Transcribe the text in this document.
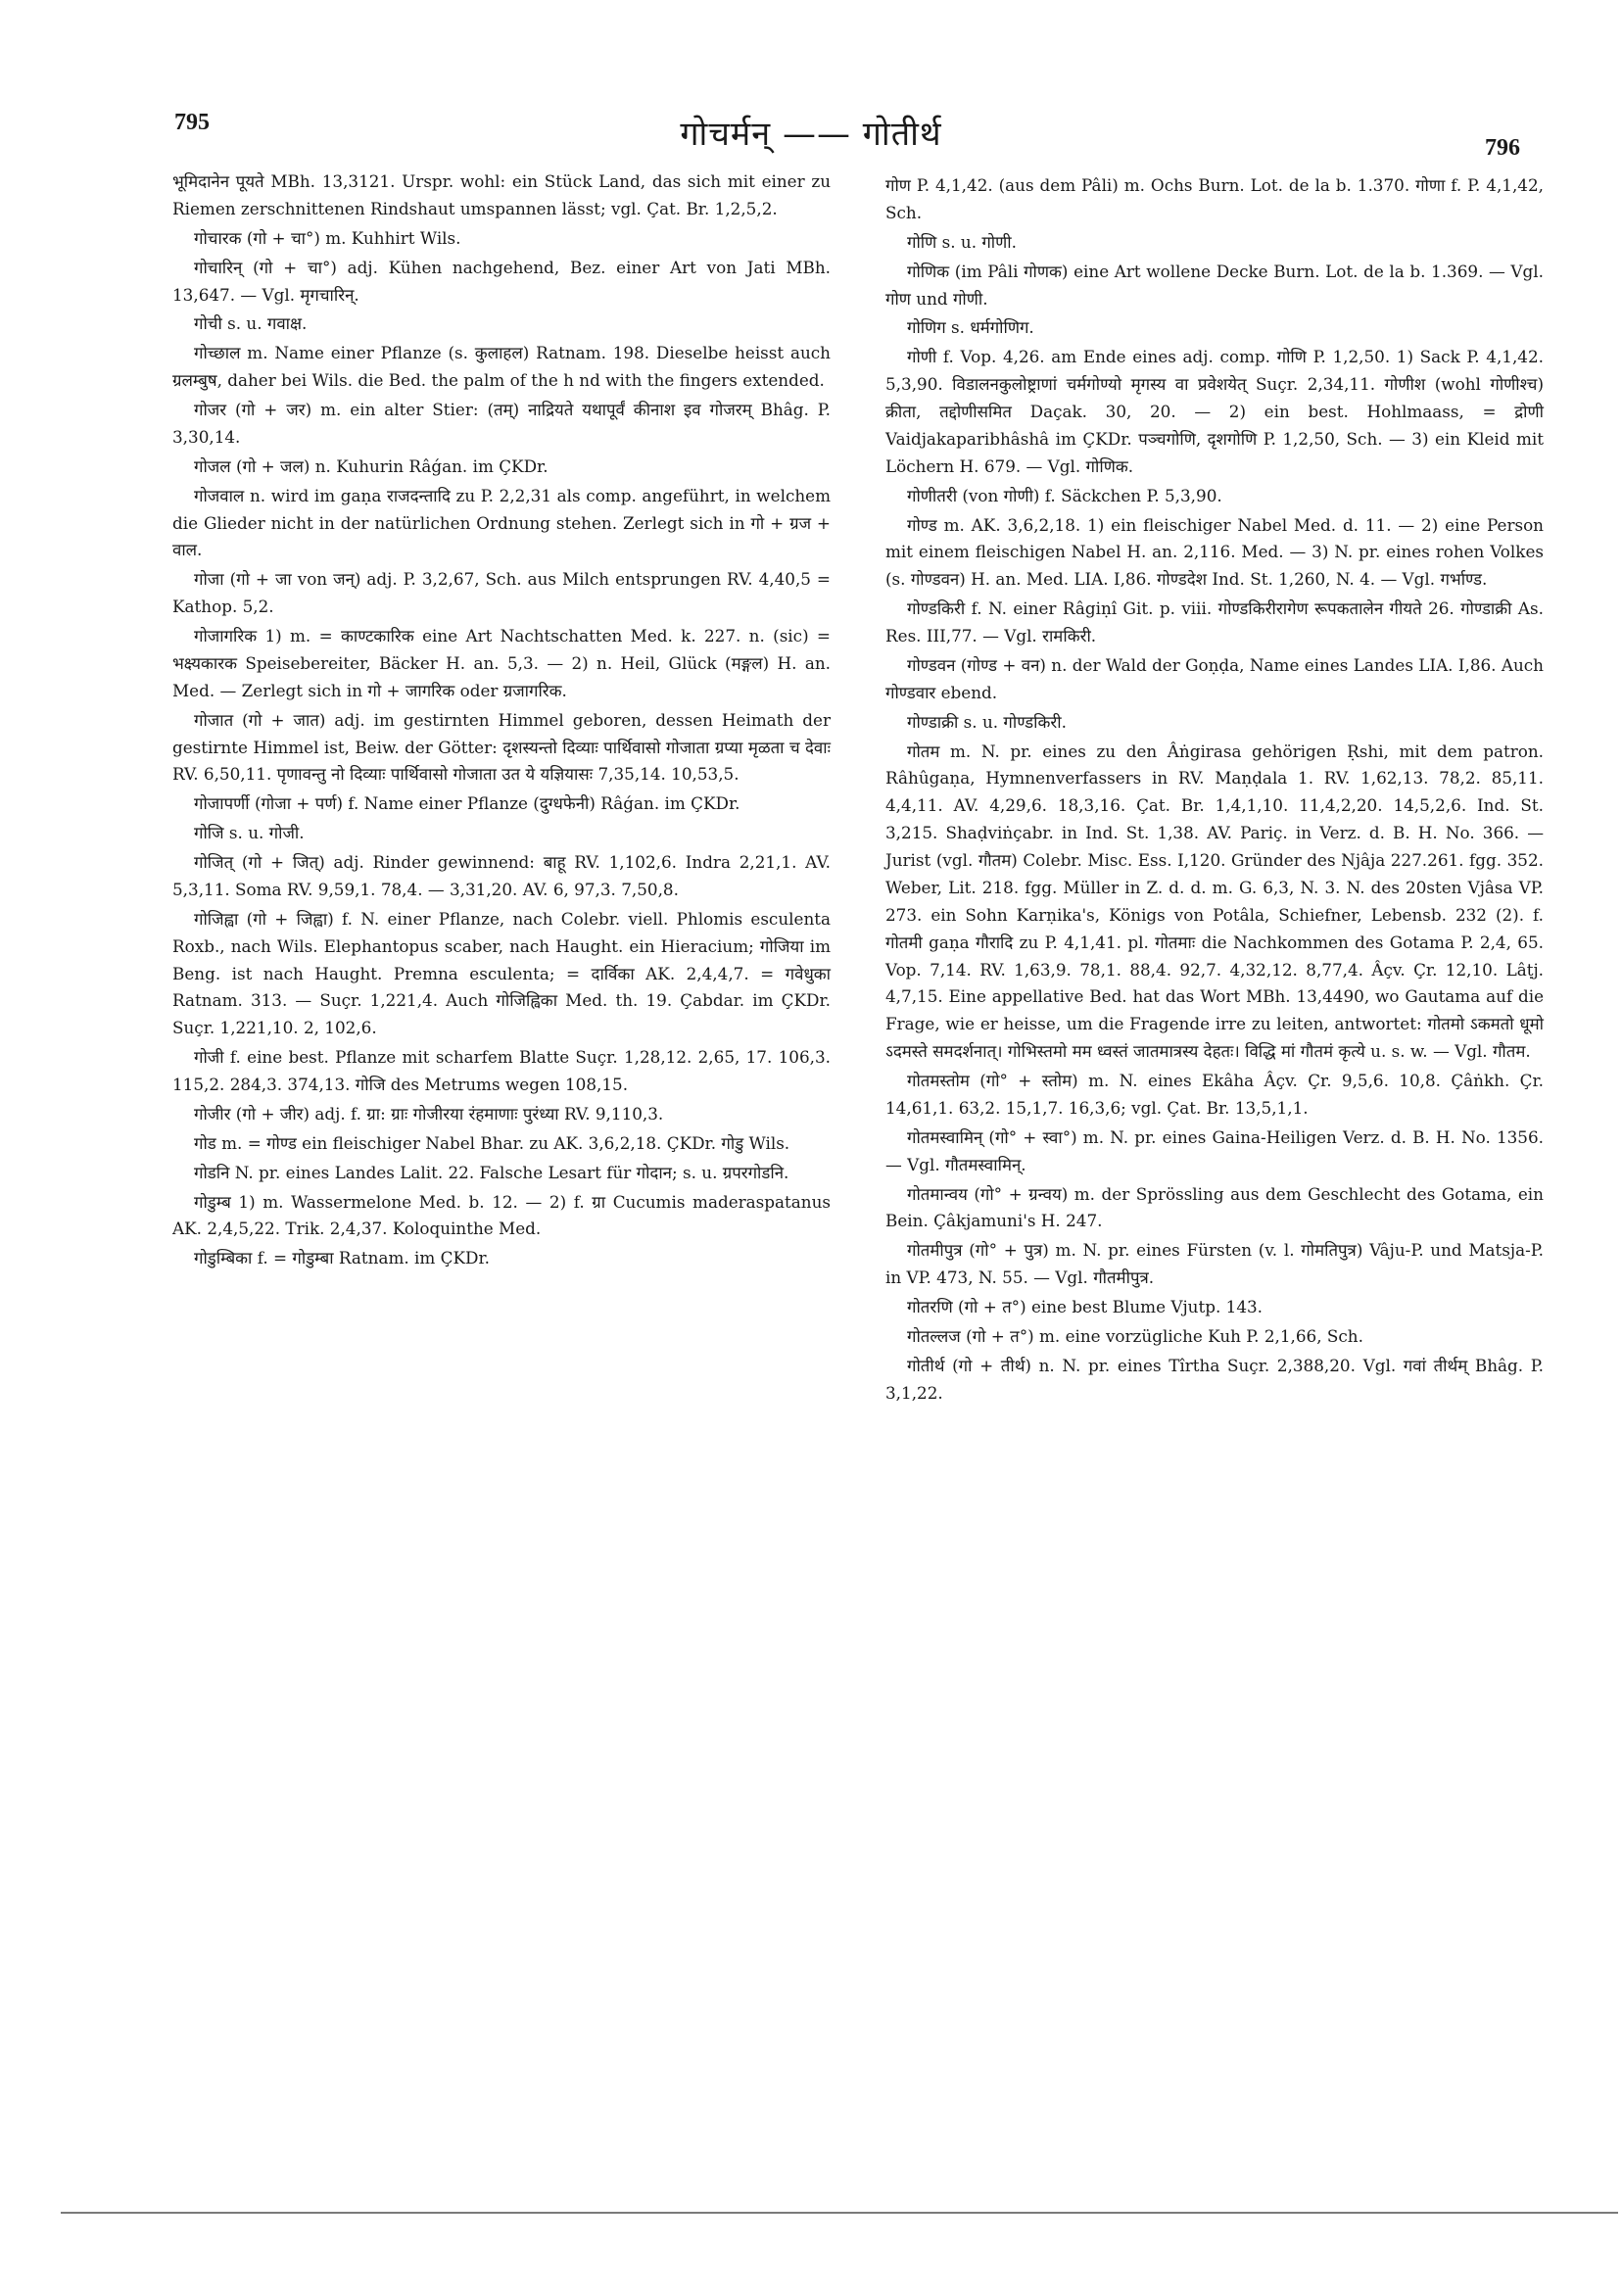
795	गोचर्मन् —— गोतीर्थ	796

भूमिदानेन पूयते MBh. 13,3121. Urspr. wohl: ein Stück Land, das sich mit einer zu Riemen zerschnittenen Rindshaut umspannen lässt; vgl. Çat. Br. 1,2,5,2.

गोचारक (गो + चा°) m. Kuhhirt Wils.

गोचारिन् (गो + चा°) adj. Kühen nachgehend, Bez. einer Art von Jati MBh. 13,647. — Vgl. मृगचारिन्.

गोची s. u. गवाक्ष.

गोच्छाल m. Name einer Pflanze (s. कुलाहल) Ratnam. 198. Dieselbe heisst auch ग्रलम्बुष, daher bei Wils. die Bed. the palm of the h nd with the fingers extended.

गोजर (गो + जर) m. ein alter Stier: (तम्) नाद्रियते यथापूर्वं कीनाश इव गोजरम् Bhâg. P. 3,30,14.

गोजल (गो + जल) n. Kuhurin Râǵan. im ÇKDr.

गोजवाल n. wird im gaṇa राजदन्तादि zu P. 2,2,31 als comp. angeführt, in welchem die Glieder nicht in der natürlichen Ordnung stehen. Zerlegt sich in गो + ग्रज + वाल.

गोजा (गो + जा von जन्) adj. P. 3,2,67, Sch. aus Milch entsprungen RV. 4,40,5 = Kathop. 5,2.

गोजागरिक 1) m. = काण्टकारिक eine Art Nachtschatten Med. k. 227. n. (sic) = भक्ष्यकारक Speisebereiter, Bäcker H. an. 5,3. — 2) n. Heil, Glück (मङ्गल) H. an. Med. — Zerlegt sich in गो + जागरिक oder ग्रजागरिक.

गोजात (गो + जात) adj. im gestirnten Himmel geboren, dessen Heimath der gestirnte Himmel ist, Beiw. der Götter: दृशस्यन्तो दिव्याः पार्थिवासो गोजाता ग्रप्या मृळता च देवाः RV. 6,50,11. पृणावन्तु नो दिव्याः पार्थिवासो गोजाता उत ये यज्ञियासः 7,35,14. 10,53,5.

गोजापर्णी (गोजा + पर्ण) f. Name einer Pflanze (दुग्धफेनी) Râǵan. im ÇKDr.

गोजि s. u. गोजी.

गोजित् (गो + जित्) adj. Rinder gewinnend: बाहू RV. 1,102,6. Indra 2,21,1. AV. 5,3,11. Soma RV. 9,59,1. 78,4. — 3,31,20. AV. 6, 97,3. 7,50,8.

गोजिह्वा (गो + जिह्वा) f. N. einer Pflanze, nach Colebr. viell. Phlomis esculenta Roxb., nach Wils. Elephantopus scaber, nach Haught. ein Hieracium; गोजिया im Beng. ist nach Haught. Premna esculenta; = दार्विका AK. 2,4,4,7. = गवेधुका Ratnam. 313. — Suçr. 1,221,4. Auch गोजिह्विका Med. th. 19. Çabdar. im ÇKDr. Suçr. 1,221,10. 2, 102,6.

गोजी f. eine best. Pflanze mit scharfem Blatte Suçr. 1,28,12. 2,65, 17. 106,3. 115,2. 284,3. 374,13. गोजि des Metrums wegen 108,15.

गोजीर (गो + जीर) adj. f. ग्रा: ग्राः गोजीरया रंहमाणाः पुरंध्या RV. 9,110,3.

गोड m. = गोण्ड ein fleischiger Nabel Bhar. zu AK. 3,6,2,18. ÇKDr. गोडु Wils.

गोडनि N. pr. eines Landes Lalit. 22. Falsche Lesart für गोदान; s. u. ग्रपरगोडनि.

गोडुम्ब 1) m. Wassermelone Med. b. 12. — 2) f. ग्रा Cucumis maderaspatanus AK. 2,4,5,22. Trik. 2,4,37. Koloquinthe Med.

गोडुम्बिका f. = गोडुम्बा Ratnam. im ÇKDr.

गोण P. 4,1,42. (aus dem Pâli) m. Ochs Burn. Lot. de la b. 1.370. गोणा f. P. 4,1,42, Sch.

गोणि s. u. गोणी.

गोणिक (im Pâli गोणक) eine Art wollene Decke Burn. Lot. de la b. 1.369. — Vgl. गोण und गोणी.

गोणिग s. धर्मगोणिग.

गोणी f. Vop. 4,26. am Ende eines adj. comp. गोणि P. 1,2,50. 1) Sack P. 4,1,42. 5,3,90. विडालनकुलोष्ट्राणां चर्मगोण्यो मृगस्य वा प्रवेशयेत् Suçr. 2,34,11. गोणीश (wohl गोणीश्च) क्रीता, तद्दोणीसमित Daçak. 30, 20. — 2) ein best. Hohlmaass, = द्रोणी Vaidjakaparibhâshâ im ÇKDr. पञ्चगोणि, दृशगोणि P. 1,2,50, Sch. — 3) ein Kleid mit Löchern H. 679. — Vgl. गोणिक.

गोणीतरी (von गोणी) f. Säckchen P. 5,3,90.

गोण्ड m. AK. 3,6,2,18. 1) ein fleischiger Nabel Med. d. 11. — 2) eine Person mit einem fleischigen Nabel H. an. 2,116. Med. — 3) N. pr. eines rohen Volkes (s. गोण्डवन) H. an. Med. LIA. I,86. गोण्डदेश Ind. St. 1,260, N. 4. — Vgl. गर्भाण्ड.

गोण्डकिरी f. N. einer Râgiṇî Git. p. viii. गोण्डकिरीरागेण रूपकतालेन गीयते 26. गोण्डाक्री As. Res. III,77. — Vgl. रामकिरी.

गोण्डवन (गोण्ड + वन) n. der Wald der Goṇḍa, Name eines Landes LIA. I,86. Auch गोण्डवार ebend.

गोण्डाक्री s. u. गोण्डकिरी.

गोतम m. N. pr. eines zu den Âṅgirasa gehörigen Ṛshi, mit dem patron. Râhûgaṇa, Hymnenverfassers in RV. Maṇḍala 1. RV. 1,62,13. 78,2. 85,11. 4,4,11. AV. 4,29,6. 18,3,16. Çat. Br. 1,4,1,10. 11,4,2,20. 14,5,2,6. Ind. St. 3,215. Shaḍviṅçabr. in Ind. St. 1,38. AV. Pariç. in Verz. d. B. H. No. 366. — Jurist (vgl. गौतम) Colebr. Misc. Ess. I,120. Gründer des Njâja 227.261. fgg. 352. Weber, Lit. 218. fgg. Müller in Z. d. d. m. G. 6,3, N. 3. N. des 20sten Vjâsa VP. 273. ein Sohn Karṇika's, Königs von Potâla, Schiefner, Lebensb. 232 (2). f. गोतमी gaṇa गौरादि zu P. 4,1,41. pl. गोतमाः die Nachkommen des Gotama P. 2,4, 65. Vop. 7,14. RV. 1,63,9. 78,1. 88,4. 92,7. 4,32,12. 8,77,4. Âçv. Çr. 12,10. Lâṭj. 4,7,15. Eine appellative Bed. hat das Wort MBh. 13,4490, wo Gautama auf die Frage, wie er heisse, um die Fragende irre zu leiten, antwortet: गोतमो ऽकमतो धूमो ऽदमस्ते समदर्शनात्। गोभिस्तमो मम ध्वस्तं जातमात्रस्य देहतः। विद्धि मां गौतमं कृत्ये u. s. w. — Vgl. गौतम.

गोतमस्तोम (गो° + स्तोम) m. N. eines Ekâha Âçv. Çr. 9,5,6. 10,8. Çâṅkh. Çr. 14,61,1. 63,2. 15,1,7. 16,3,6; vgl. Çat. Br. 13,5,1,1.

गोतमस्वामिन् (गो° + स्वा°) m. N. pr. eines Gaina-Heiligen Verz. d. B. H. No. 1356. — Vgl. गौतमस्वामिन्.

गोतमान्वय (गो° + ग्रन्वय) m. der Sprössling aus dem Geschlecht des Gotama, ein Bein. Çâkjamuni's H. 247.

गोतमीपुत्र (गो° + पुत्र) m. N. pr. eines Fürsten (v. l. गोमतिपुत्र) Vâju-P. und Matsja-P. in VP. 473, N. 55. — Vgl. गौतमीपुत्र.

गोतरणि (गो + त°) eine best Blume Vjutp. 143.

गोतल्लज (गो + त°) m. eine vorzügliche Kuh P. 2,1,66, Sch.

गोतीर्थ (गो + तीर्थ) n. N. pr. eines Tîrtha Suçr. 2,388,20. Vgl. गवां तीर्थम् Bhâg. P. 3,1,22.
